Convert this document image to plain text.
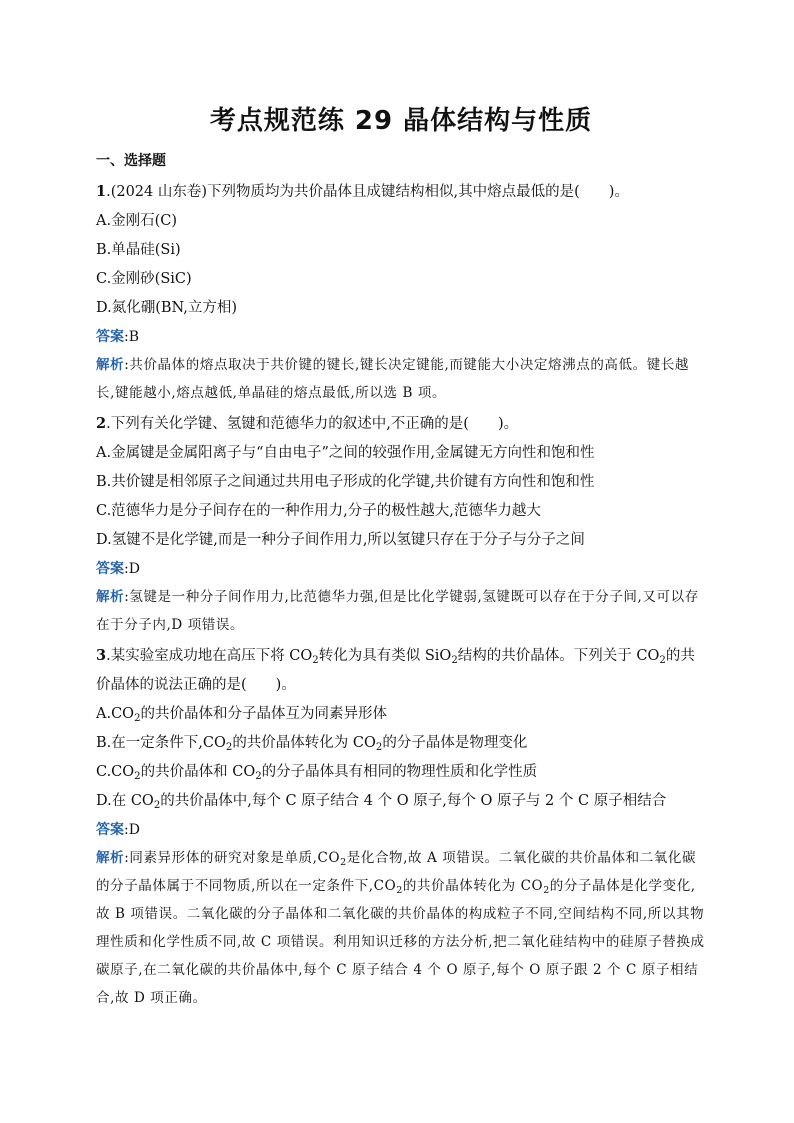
考点规范练 29 晶体结构与性质
一、选择题

1.(2024 山东卷)下列物质均为共价晶体且成键结构相似,其中熔点最低的是(　　)。

A.金刚石(C)

B.单晶硅(Si)

C.金刚砂(SiC)

D.氮化硼(BN,立方相)

答案:B

解析:共价晶体的熔点取决于共价键的键长,键长决定键能,而键能大小决定熔沸点的高低。键长越长,键能越小,熔点越低,单晶硅的熔点最低,所以选 B 项。

2.下列有关化学键、氢键和范德华力的叙述中,不正确的是(　　)。

A.金属键是金属阳离子与“自由电子”之间的较强作用,金属键无方向性和饱和性

B.共价键是相邻原子之间通过共用电子形成的化学键,共价键有方向性和饱和性

C.范德华力是分子间存在的一种作用力,分子的极性越大,范德华力越大

D.氢键不是化学键,而是一种分子间作用力,所以氢键只存在于分子与分子之间

答案:D

解析:氢键是一种分子间作用力,比范德华力强,但是比化学键弱,氢键既可以存在于分子间,又可以存在于分子内,D 项错误。

3.某实验室成功地在高压下将 $CO_2$转化为具有类似 SiO$_2$结构的共价晶体。下列关于 $CO_2$的共价晶体的说法正确的是(　　)。

$A.CO_2$的共价晶体和分子晶体互为同素异形体

B.在一定条件下$,CO_2$的共价晶体转化为 $CO_2$的分子晶体是物理变化

$C.CO_2$的共价晶体和 $CO_2$的分子晶体具有相同的物理性质和化学性质

D.在 $CO_2$的共价晶体中,每个 C 原子结合 4 个 O 原子,每个 O 原子与 2 个 C 原子相结合

答案:D

解析:同素异形体的研究对象是单质$,CO_2$是化合物,故 A 项错误。二氧化碳的共价晶体和二氧化碳的分子晶体属于不同物质,所以在一定条件下$,CO_2$的共价晶体转化为 $CO_2$的分子晶体是化学变化,故 B 项错误。二氧化碳的分子晶体和二氧化碳的共价晶体的构成粒子不同,空间结构不同,所以其物理性质和化学性质不同,故 C 项错误。利用知识迁移的方法分析,把二氧化硅结构中的硅原子替换成碳原子,在二氧化碳的共价晶体中,每个 C 原子结合 4 个 O 原子,每个 O 原子跟 2 个 C 原子相结合,故 D 项正确。
